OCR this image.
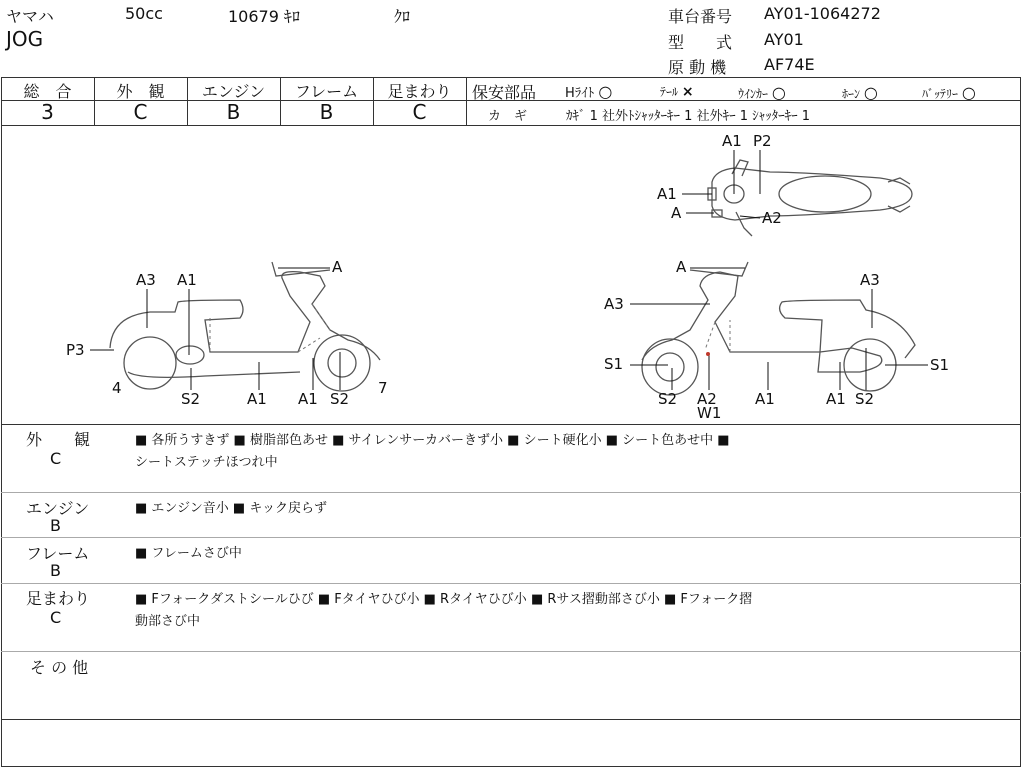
ヤマハ	50cc	10679 ｷﾛ	ｸﾛ
JOG
車台番号 AY01-1064272
型　　式 AY01
原 動 機 AF74E
総　合	外　観	エンジン	フレーム	足まわり
3	C	B	B	C
保安部品 Hﾗｲﾄ ○	ﾃｰﾙ ×	ｳｲﾝｶｰ ○	ﾎｰﾝ ○	ﾊﾞｯﾃﾘｰ ○
カ　ギ	ｶｷﾞ 1 社外ﾄｼｬｯﾀｰｷｰ 1 社外ｷｰ 1 ｼｬｯﾀｰｷｰ 1
A1 P2
A1
A	A2
A
A3 A1
P3
4
S2	A1 A1 S2
7
A
A3
A3
S1	S1
S2 A2
W1
A1	A1 S2
外　　観
C
■ 各所うすきず ■ 樹脂部色あせ ■ サイレンサーカバーきず小 ■ シート硬化小 ■ シート色あせ中 ■
シートステッチほつれ中
エンジン
B
■ エンジン音小 ■ キック戻らず
フレーム
B
■ フレームさび中
足まわり
C
■ Fフォークダストシールひび ■ Fタイヤひび小 ■ Rタイヤひび小 ■ Rサス摺動部さび小 ■ Fフォーク摺
動部さび中
そ の 他
